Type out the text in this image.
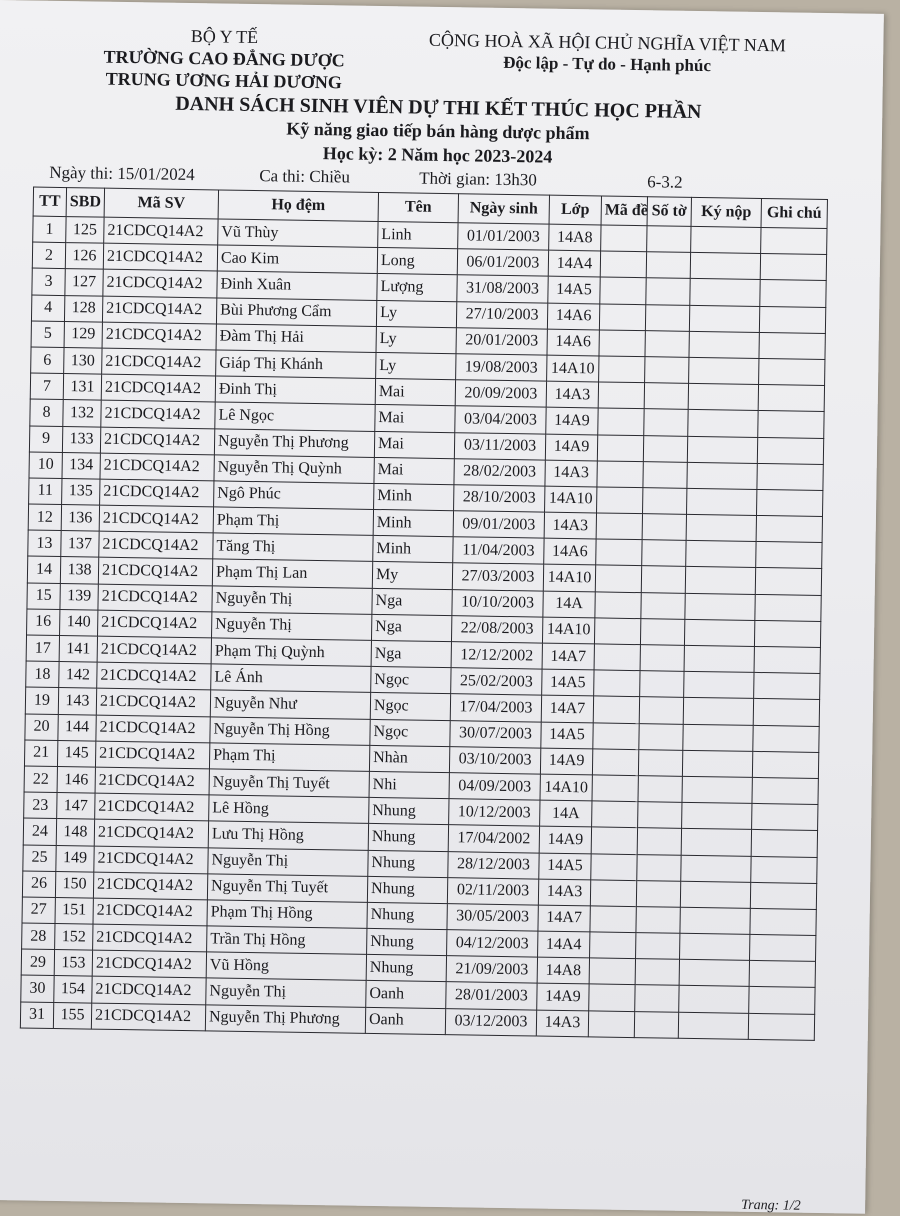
BỘ Y TẾ
TRƯỜNG CAO ĐẲNG DƯỢC
TRUNG ƯƠNG HẢI DƯƠNG
CỘNG HOÀ XÃ HỘI CHỦ NGHĨA VIỆT NAM
Độc lập - Tự do - Hạnh phúc
DANH SÁCH SINH VIÊN DỰ THI KẾT THÚC HỌC PHẦN
Kỹ năng giao tiếp bán hàng dược phẩm
Học kỳ: 2 Năm học 2023-2024
Ngày thi: 15/01/2024	Ca thi: Chiều	Thời gian: 13h30	6-3.2
TT	SBD	Mã SV	Họ đệm	Tên	Ngày sinh	Lớp	Mã đề	Số tờ	Ký nộp	Ghi chú
1	125	21CDCQ14A2	Vũ Thùy	Linh	01/01/2003	14A8				
2	126	21CDCQ14A2	Cao Kim	Long	06/01/2003	14A4				
3	127	21CDCQ14A2	Đinh Xuân	Lượng	31/08/2003	14A5				
4	128	21CDCQ14A2	Bùi Phương Cẩm	Ly	27/10/2003	14A6				
5	129	21CDCQ14A2	Đàm Thị Hải	Ly	20/01/2003	14A6				
6	130	21CDCQ14A2	Giáp Thị Khánh	Ly	19/08/2003	14A10				
7	131	21CDCQ14A2	Đinh Thị	Mai	20/09/2003	14A3				
8	132	21CDCQ14A2	Lê Ngọc	Mai	03/04/2003	14A9				
9	133	21CDCQ14A2	Nguyễn Thị Phương	Mai	03/11/2003	14A9				
10	134	21CDCQ14A2	Nguyễn Thị Quỳnh	Mai	28/02/2003	14A3				
11	135	21CDCQ14A2	Ngô Phúc	Minh	28/10/2003	14A10				
12	136	21CDCQ14A2	Phạm Thị	Minh	09/01/2003	14A3				
13	137	21CDCQ14A2	Tăng Thị	Minh	11/04/2003	14A6				
14	138	21CDCQ14A2	Phạm Thị Lan	My	27/03/2003	14A10				
15	139	21CDCQ14A2	Nguyễn Thị	Nga	10/10/2003	14A				
16	140	21CDCQ14A2	Nguyễn Thị	Nga	22/08/2003	14A10				
17	141	21CDCQ14A2	Phạm Thị Quỳnh	Nga	12/12/2002	14A7				
18	142	21CDCQ14A2	Lê Ánh	Ngọc	25/02/2003	14A5				
19	143	21CDCQ14A2	Nguyễn Như	Ngọc	17/04/2003	14A7				
20	144	21CDCQ14A2	Nguyễn Thị Hồng	Ngọc	30/07/2003	14A5				
21	145	21CDCQ14A2	Phạm Thị	Nhàn	03/10/2003	14A9				
22	146	21CDCQ14A2	Nguyễn Thị Tuyết	Nhi	04/09/2003	14A10				
23	147	21CDCQ14A2	Lê Hồng	Nhung	10/12/2003	14A				
24	148	21CDCQ14A2	Lưu Thị Hồng	Nhung	17/04/2002	14A9				
25	149	21CDCQ14A2	Nguyễn Thị	Nhung	28/12/2003	14A5				
26	150	21CDCQ14A2	Nguyễn Thị Tuyết	Nhung	02/11/2003	14A3				
27	151	21CDCQ14A2	Phạm Thị Hồng	Nhung	30/05/2003	14A7				
28	152	21CDCQ14A2	Trần Thị Hồng	Nhung	04/12/2003	14A4				
29	153	21CDCQ14A2	Vũ Hồng	Nhung	21/09/2003	14A8				
30	154	21CDCQ14A2	Nguyễn Thị	Oanh	28/01/2003	14A9				
31	155	21CDCQ14A2	Nguyễn Thị Phương	Oanh	03/12/2003	14A3				
Trang: 1/2
